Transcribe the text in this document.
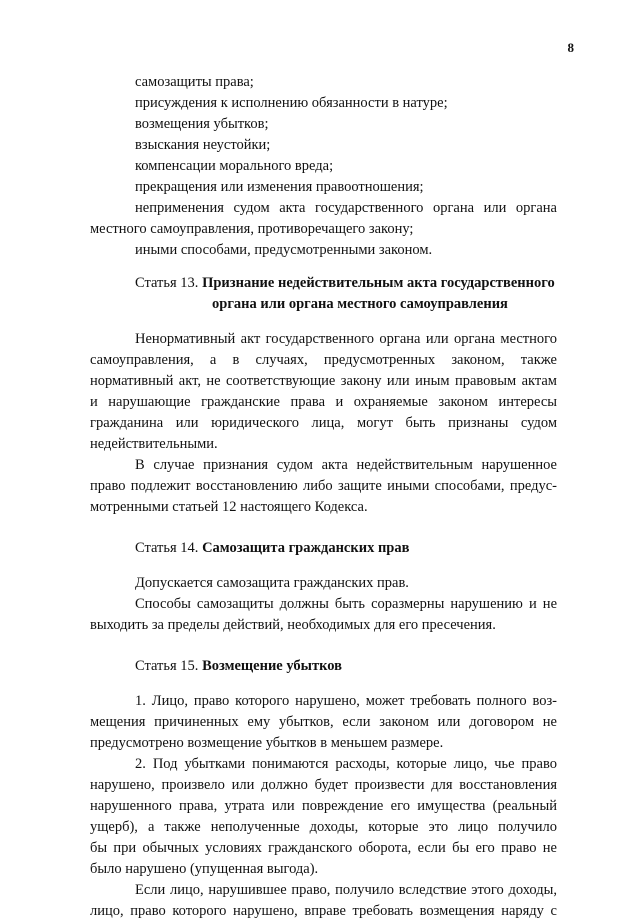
8
самозащиты права;
присуждения к исполнению обязанности в натуре;
возмещения убытков;
взыскания неустойки;
компенсации морального вреда;
прекращения или изменения правоотношения;
неприменения судом акта государственного органа или органа
местного самоуправления, противоречащего закону;
иными способами, предусмотренными законом.
Статья 13. Признание недействительным акта государственного
органа или органа местного самоуправления
Ненормативный акт государственного органа или органа местного
самоуправления, а в случаях, предусмотренных законом, также
нормативный акт, не соответствующие закону или иным правовым актам
и нарушающие гражданские права и охраняемые законом интересы
гражданина или юридического лица, могут быть признаны судом
недействительными.
В случае признания судом акта недействительным нарушенное
право подлежит восстановлению либо защите иными способами, предус-
мотренными статьей 12 настоящего Кодекса.
Статья 14. Самозащита гражданских прав
Допускается самозащита гражданских прав.
Способы самозащиты должны быть соразмерны нарушению и не
выходить за пределы действий, необходимых для его пресечения.
Статья 15. Возмещение убытков
1. Лицо, право которого нарушено, может требовать полного воз-
мещения причиненных ему убытков, если законом или договором не
предусмотрено возмещение убытков в меньшем размере.
2. Под убытками понимаются расходы, которые лицо, чье право
нарушено, произвело или должно будет произвести для восстановления
нарушенного права, утрата или повреждение его имущества (реальный
ущерб), а также неполученные доходы, которые это лицо получило
бы при обычных условиях гражданского оборота, если бы его право не
было нарушено (упущенная выгода).
Если лицо, нарушившее право, получило вследствие этого доходы,
лицо, право которого нарушено, вправе требовать возмещения наряду с
